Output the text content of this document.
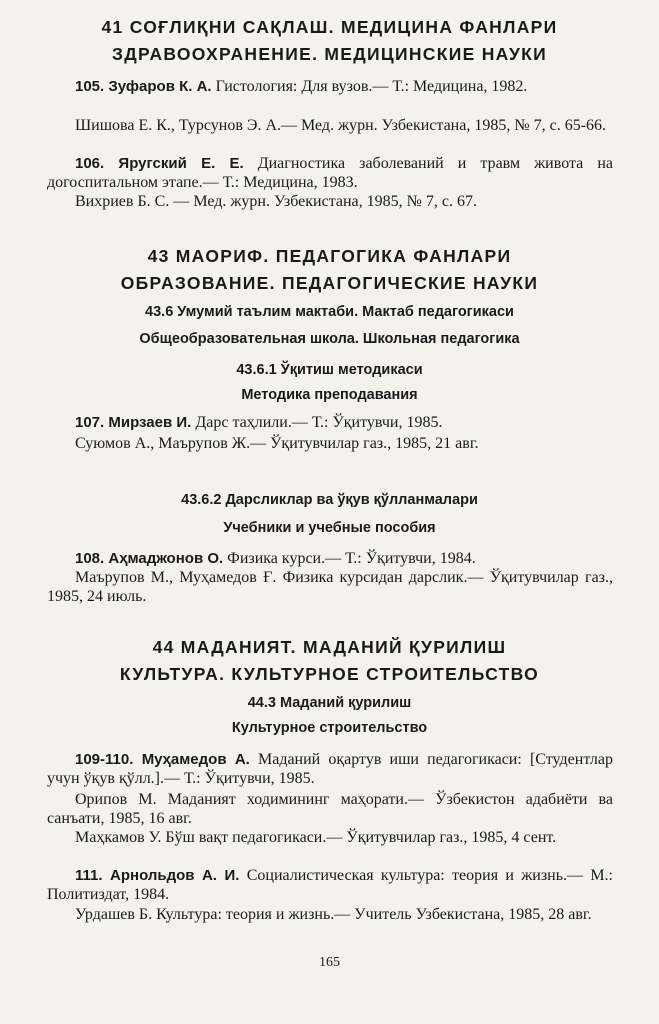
41 СОҒЛИҚНИ САҚЛАШ. МЕДИЦИНА ФАНЛАРИ
ЗДРАВООХРАНЕНИЕ. МЕДИЦИНСКИЕ НАУКИ
105. Зуфаров К. А. Гистология: Для вузов.— Т.: Медицина, 1982.
Шишова Е. К., Турсунов Э. А.— Мед. журн. Узбекистана, 1985, № 7, с. 65-66.
106. Яругский Е. Е. Диагностика заболеваний и травм живота на догоспитальном этапе.— Т.: Медицина, 1983.
Вихриев Б. С. — Мед. журн. Узбекистана, 1985, № 7, с. 67.
43 МАОРИФ. ПЕДАГОГИКА ФАНЛАРИ
ОБРАЗОВАНИЕ. ПЕДАГОГИЧЕСКИЕ НАУКИ
43.6 Умумий таълим мактаби. Мактаб педагогикаси
Общеобразовательная школа. Школьная педагогика
43.6.1 Ўқитиш методикаси
Методика преподавания
107. Мирзаев И. Дарс таҳлили.— Т.: Ўқитувчи, 1985.
Суюмов А., Маърупов Ж.— Ўқитувчилар газ., 1985, 21 авг.
43.6.2 Дарсликлар ва ўқув қўлланмалари
Учебники и учебные пособия
108. Аҳмаджонов О. Физика курси.— Т.: Ўқитувчи, 1984.
Маърупов М., Муҳамедов Ғ. Физика курсидан дарслик.— Ўқитувчилар газ., 1985, 24 июль.
44 МАДАНИЯТ. МАДАНИЙ ҚУРИЛИШ
КУЛЬТУРА. КУЛЬТУРНОЕ СТРОИТЕЛЬСТВО
44.3 Маданий қурилиш
Культурное строительство
109-110. Муҳамедов А. Маданий оқартув иши педагогикаси: [Студентлар учун ўқув қўлл.].— Т.: Ўқитувчи, 1985.
Орипов М. Маданият ходимининг маҳорати.— Ўзбекистон адабиёти ва санъати, 1985, 16 авг.
Маҳкамов У. Бўш вақт педагогикаси.— Ўқитувчилар газ., 1985, 4 сент.
111. Арнольдов А. И. Социалистическая культура: теория и жизнь.— М.: Политиздат, 1984.
Урдашев Б. Культура: теория и жизнь.— Учитель Узбекистана, 1985, 28 авг.
165
